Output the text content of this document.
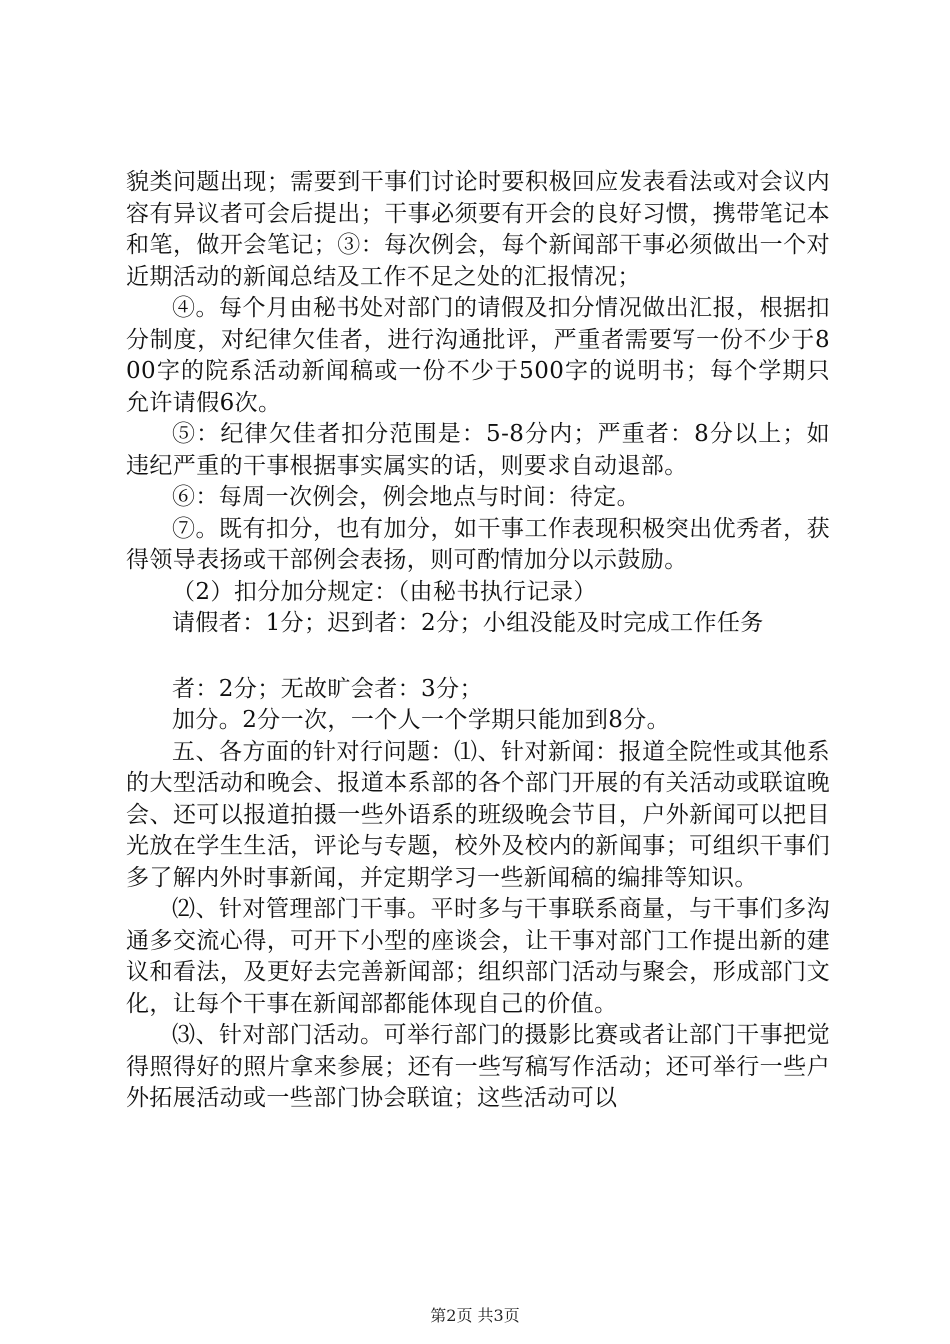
貌类问题出现；需要到干事们讨论时要积极回应发表看法或对会议内容有异议者可会后提出；干事必须要有开会的良好习惯，携带笔记本和笔，做开会笔记；③：每次例会，每个新闻部干事必须做出一个对近期活动的新闻总结及工作不足之处的汇报情况；

④。每个月由秘书处对部门的请假及扣分情况做出汇报，根据扣分制度，对纪律欠佳者，进行沟通批评，严重者需要写一份不少于800字的院系活动新闻稿或一份不少于500字的说明书；每个学期只允许请假6次。

⑤：纪律欠佳者扣分范围是：5-8分内；严重者：8分以上；如违纪严重的干事根据事实属实的话，则要求自动退部。

⑥：每周一次例会，例会地点与时间：待定。

⑦。既有扣分，也有加分，如干事工作表现积极突出优秀者，获得领导表扬或干部例会表扬，则可酌情加分以示鼓励。

（2）扣分加分规定：（由秘书执行记录）

请假者：1分；迟到者：2分；小组没能及时完成工作任务

者：2分；无故旷会者：3分；

加分。2分一次，一个人一个学期只能加到8分。

五、各方面的针对行问题：⑴、针对新闻：报道全院性或其他系的大型活动和晚会、报道本系部的各个部门开展的有关活动或联谊晚会、还可以报道拍摄一些外语系的班级晚会节目，户外新闻可以把目光放在学生生活，评论与专题，校外及校内的新闻事；可组织干事们多了解内外时事新闻，并定期学习一些新闻稿的编排等知识。

⑵、针对管理部门干事。平时多与干事联系商量，与干事们多沟通多交流心得，可开下小型的座谈会，让干事对部门工作提出新的建议和看法，及更好去完善新闻部；组织部门活动与聚会，形成部门文化，让每个干事在新闻部都能体现自己的价值。

⑶、针对部门活动。可举行部门的摄影比赛或者让部门干事把觉得照得好的照片拿来参展；还有一些写稿写作活动；还可举行一些户外拓展活动或一些部门协会联谊；这些活动可以

第2页 共3页
